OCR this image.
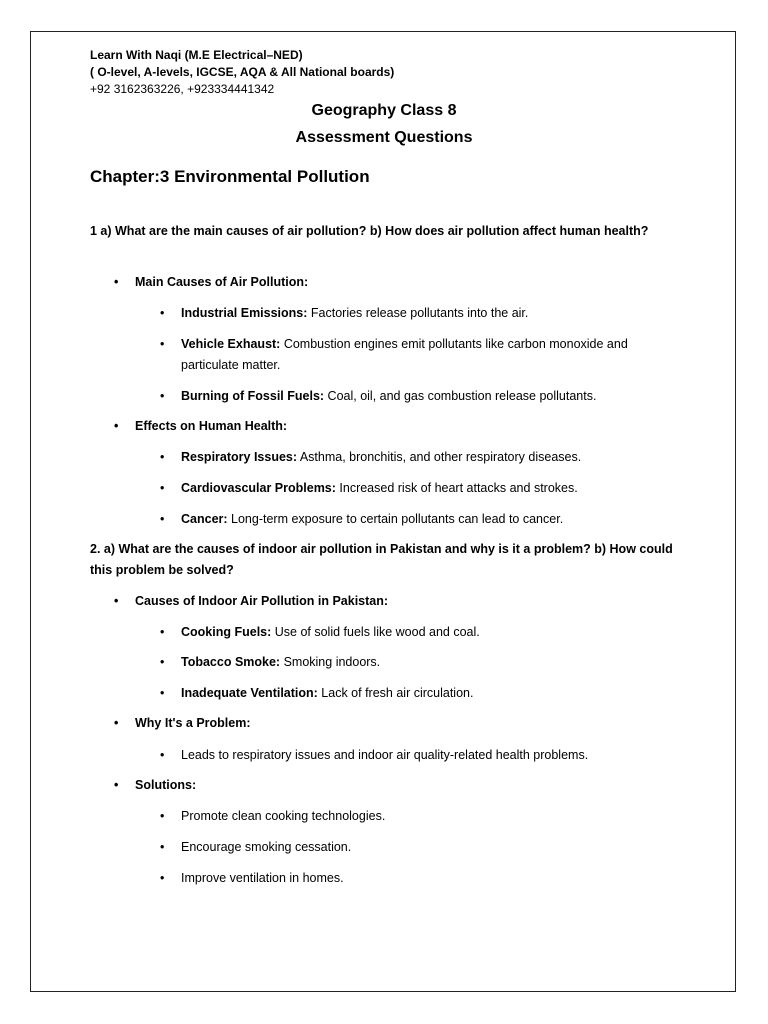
Learn With Naqi (M.E Electrical–NED)
( O-level, A-levels, IGCSE, AQA & All National boards)
+92 3162363226, +923334441342
Geography Class 8
Assessment Questions
Chapter:3 Environmental Pollution
1 a) What are the main causes of air pollution? b) How does air pollution affect human health?
• Main Causes of Air Pollution:
• Industrial Emissions: Factories release pollutants into the air.
• Vehicle Exhaust: Combustion engines emit pollutants like carbon monoxide and particulate matter.
• Burning of Fossil Fuels: Coal, oil, and gas combustion release pollutants.
• Effects on Human Health:
• Respiratory Issues: Asthma, bronchitis, and other respiratory diseases.
• Cardiovascular Problems: Increased risk of heart attacks and strokes.
• Cancer: Long-term exposure to certain pollutants can lead to cancer.
2. a) What are the causes of indoor air pollution in Pakistan and why is it a problem? b) How could this problem be solved?
• Causes of Indoor Air Pollution in Pakistan:
• Cooking Fuels: Use of solid fuels like wood and coal.
• Tobacco Smoke: Smoking indoors.
• Inadequate Ventilation: Lack of fresh air circulation.
• Why It's a Problem:
• Leads to respiratory issues and indoor air quality-related health problems.
• Solutions:
• Promote clean cooking technologies.
• Encourage smoking cessation.
• Improve ventilation in homes.
